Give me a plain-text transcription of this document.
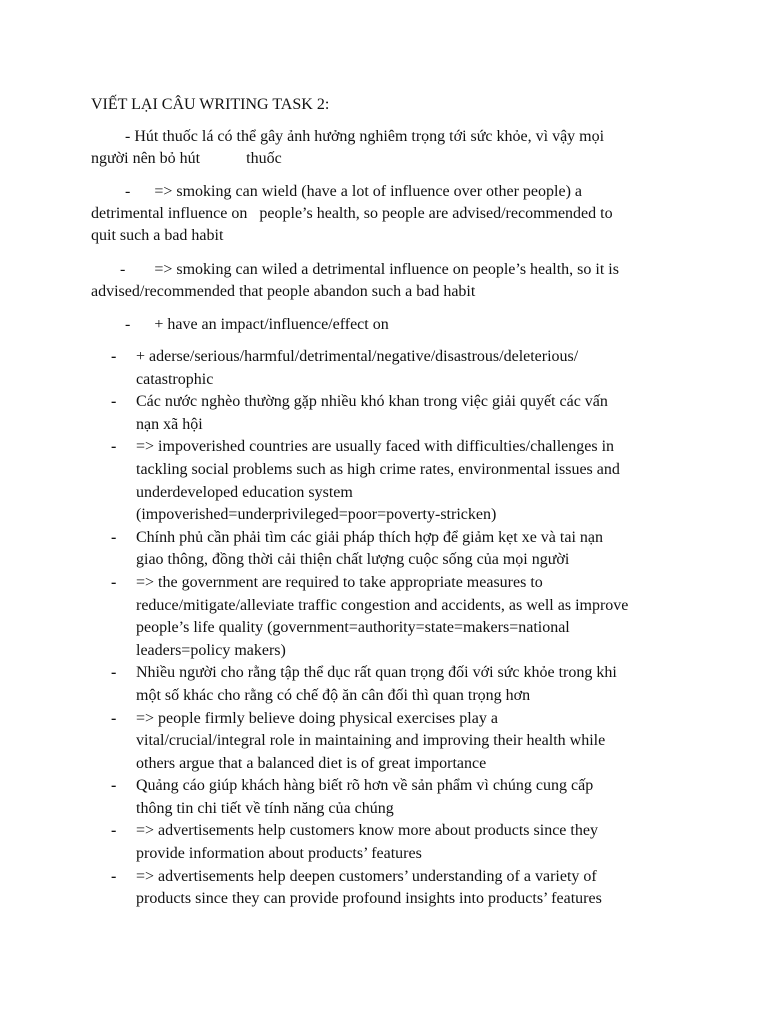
VIẾT LẠI CÂU WRITING TASK 2:
- Hút thuốc lá có thể gây ảnh hưởng nghiêm trọng tới sức khỏe, vì vậy mọi
người nên bỏ hút	thuốc
- => smoking can wield (have a lot of influence over other people) a
detrimental influence on people’s health, so people are advised/recommended to
quit such a bad habit
- => smoking can wiled a detrimental influence on people’s health, so it is
advised/recommended that people abandon such a bad habit
- + have an impact/influence/effect on
- + aderse/serious/harmful/detrimental/negative/disastrous/deleterious/
catastrophic
- Các nước nghèo thường gặp nhiều khó khan trong việc giải quyết các vấn
nạn xã hội
- => impoverished countries are usually faced with difficulties/challenges in
tackling social problems such as high crime rates, environmental issues and
underdeveloped education system
(impoverished=underprivileged=poor=poverty-stricken)
- Chính phủ cần phải tìm các giải pháp thích hợp để giảm kẹt xe và tai nạn
giao thông, đồng thời cải thiện chất lượng cuộc sống của mọi người
- => the government are required to take appropriate measures to
reduce/mitigate/alleviate traffic congestion and accidents, as well as improve
people’s life quality (government=authority=state=makers=national
leaders=policy makers)
- Nhiều người cho rằng tập thể dục rất quan trọng đối với sức khỏe trong khi
một số khác cho rằng có chế độ ăn cân đối thì quan trọng hơn
- => people firmly believe doing physical exercises play a
vital/crucial/integral role in maintaining and improving their health while
others argue that a balanced diet is of great importance
- Quảng cáo giúp khách hàng biết rõ hơn về sản phẩm vì chúng cung cấp
thông tin chi tiết về tính năng của chúng
- => advertisements help customers know more about products since they
provide information about products’ features
- => advertisements help deepen customers’ understanding of a variety of
products since they can provide profound insights into products’ features
